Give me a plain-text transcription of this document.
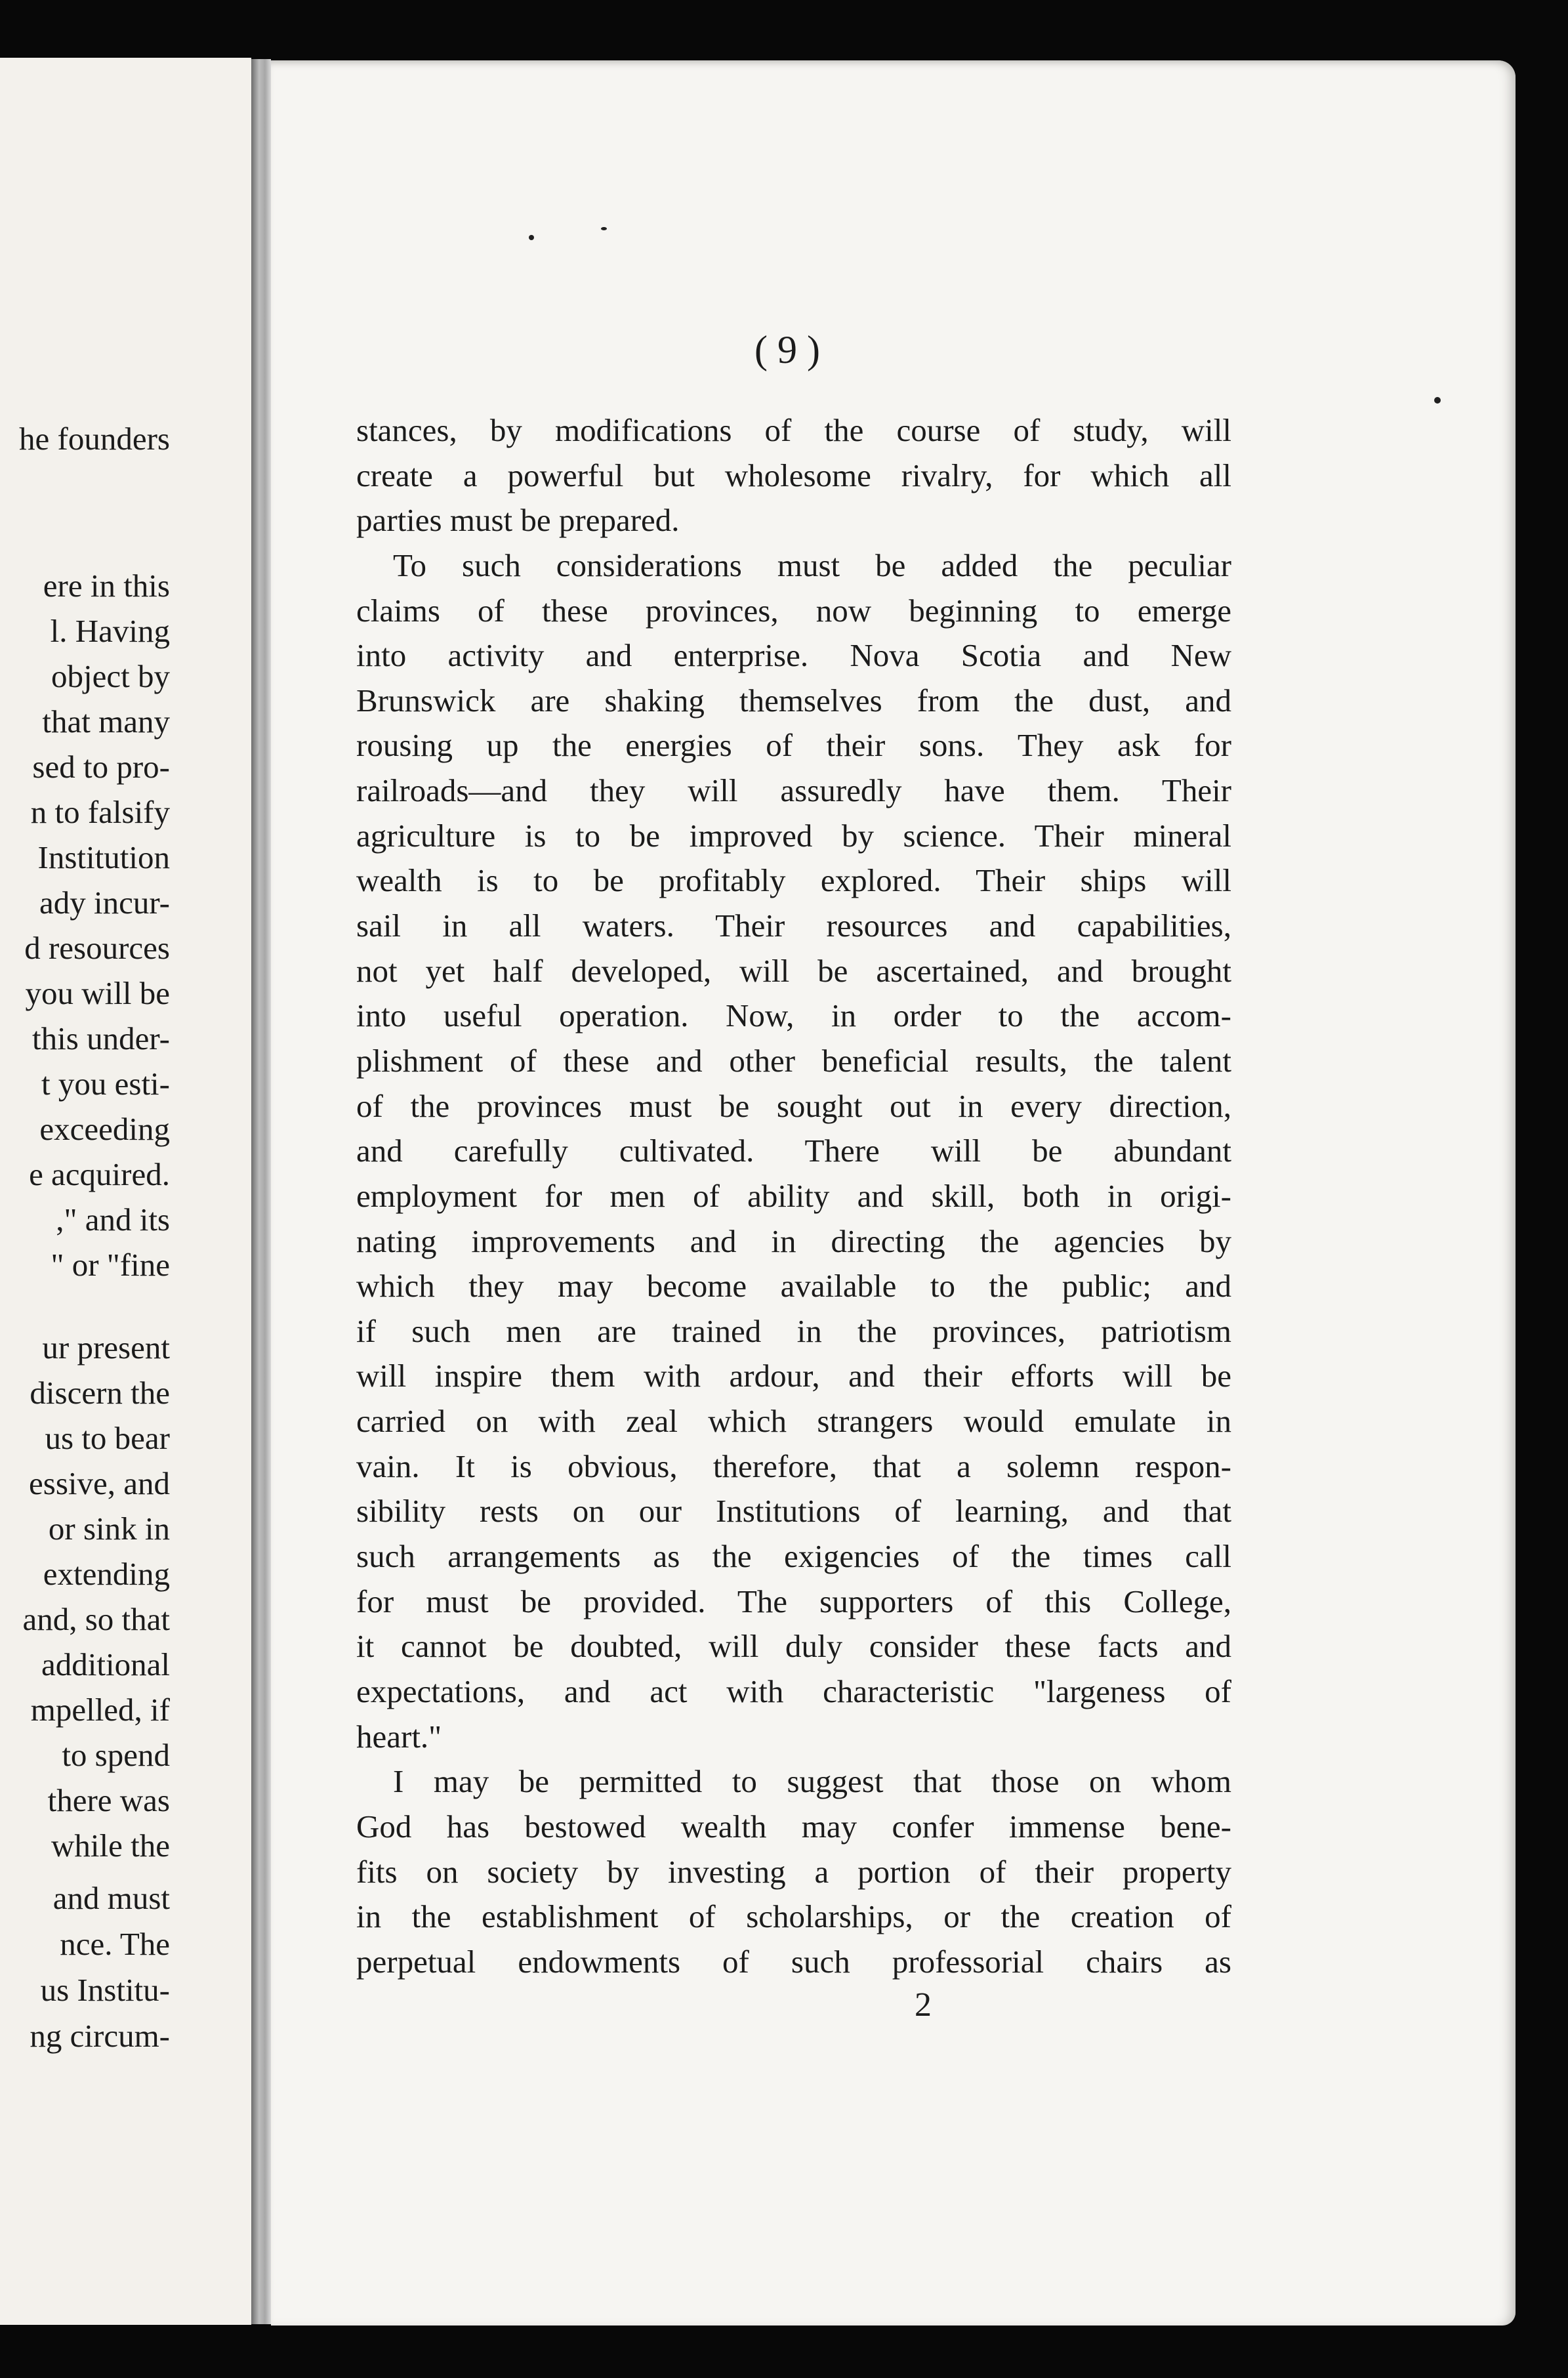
he founders

ere in this

l. Having

object by

that many

sed to pro-

n to falsify

Institution

ady incur-

d resources

you will be

this under-

t you esti-

exceeding

e acquired.

," and its

" or "fine

ur present

discern the

us to bear

essive, and

or sink in

extending

and, so that

additional

mpelled, if

to spend

there was

while the

and must

nce. The

us Institu-

ng circum-

( 9 )

stances, by modifications of the course of study, will

create a powerful but wholesome rivalry, for which all

parties must be prepared.

To such considerations must be added the peculiar

claims of these provinces, now beginning to emerge

into activity and enterprise. Nova Scotia and New

Brunswick are shaking themselves from the dust, and

rousing up the energies of their sons. They ask for

railroads—and they will assuredly have them. Their

agriculture is to be improved by science. Their mineral

wealth is to be profitably explored. Their ships will

sail in all waters. Their resources and capabilities,

not yet half developed, will be ascertained, and brought

into useful operation. Now, in order to the accom-

plishment of these and other beneficial results, the talent

of the provinces must be sought out in every direction,

and carefully cultivated. There will be abundant

employment for men of ability and skill, both in origi-

nating improvements and in directing the agencies by

which they may become available to the public; and

if such men are trained in the provinces, patriotism

will inspire them with ardour, and their efforts will be

carried on with zeal which strangers would emulate in

vain. It is obvious, therefore, that a solemn respon-

sibility rests on our Institutions of learning, and that

such arrangements as the exigencies of the times call

for must be provided. The supporters of this College,

it cannot be doubted, will duly consider these facts and

expectations, and act with characteristic "largeness of

heart."

I may be permitted to suggest that those on whom

God has bestowed wealth may confer immense bene-

fits on society by investing a portion of their property

in the establishment of scholarships, or the creation of

perpetual endowments of such professorial chairs as

2
